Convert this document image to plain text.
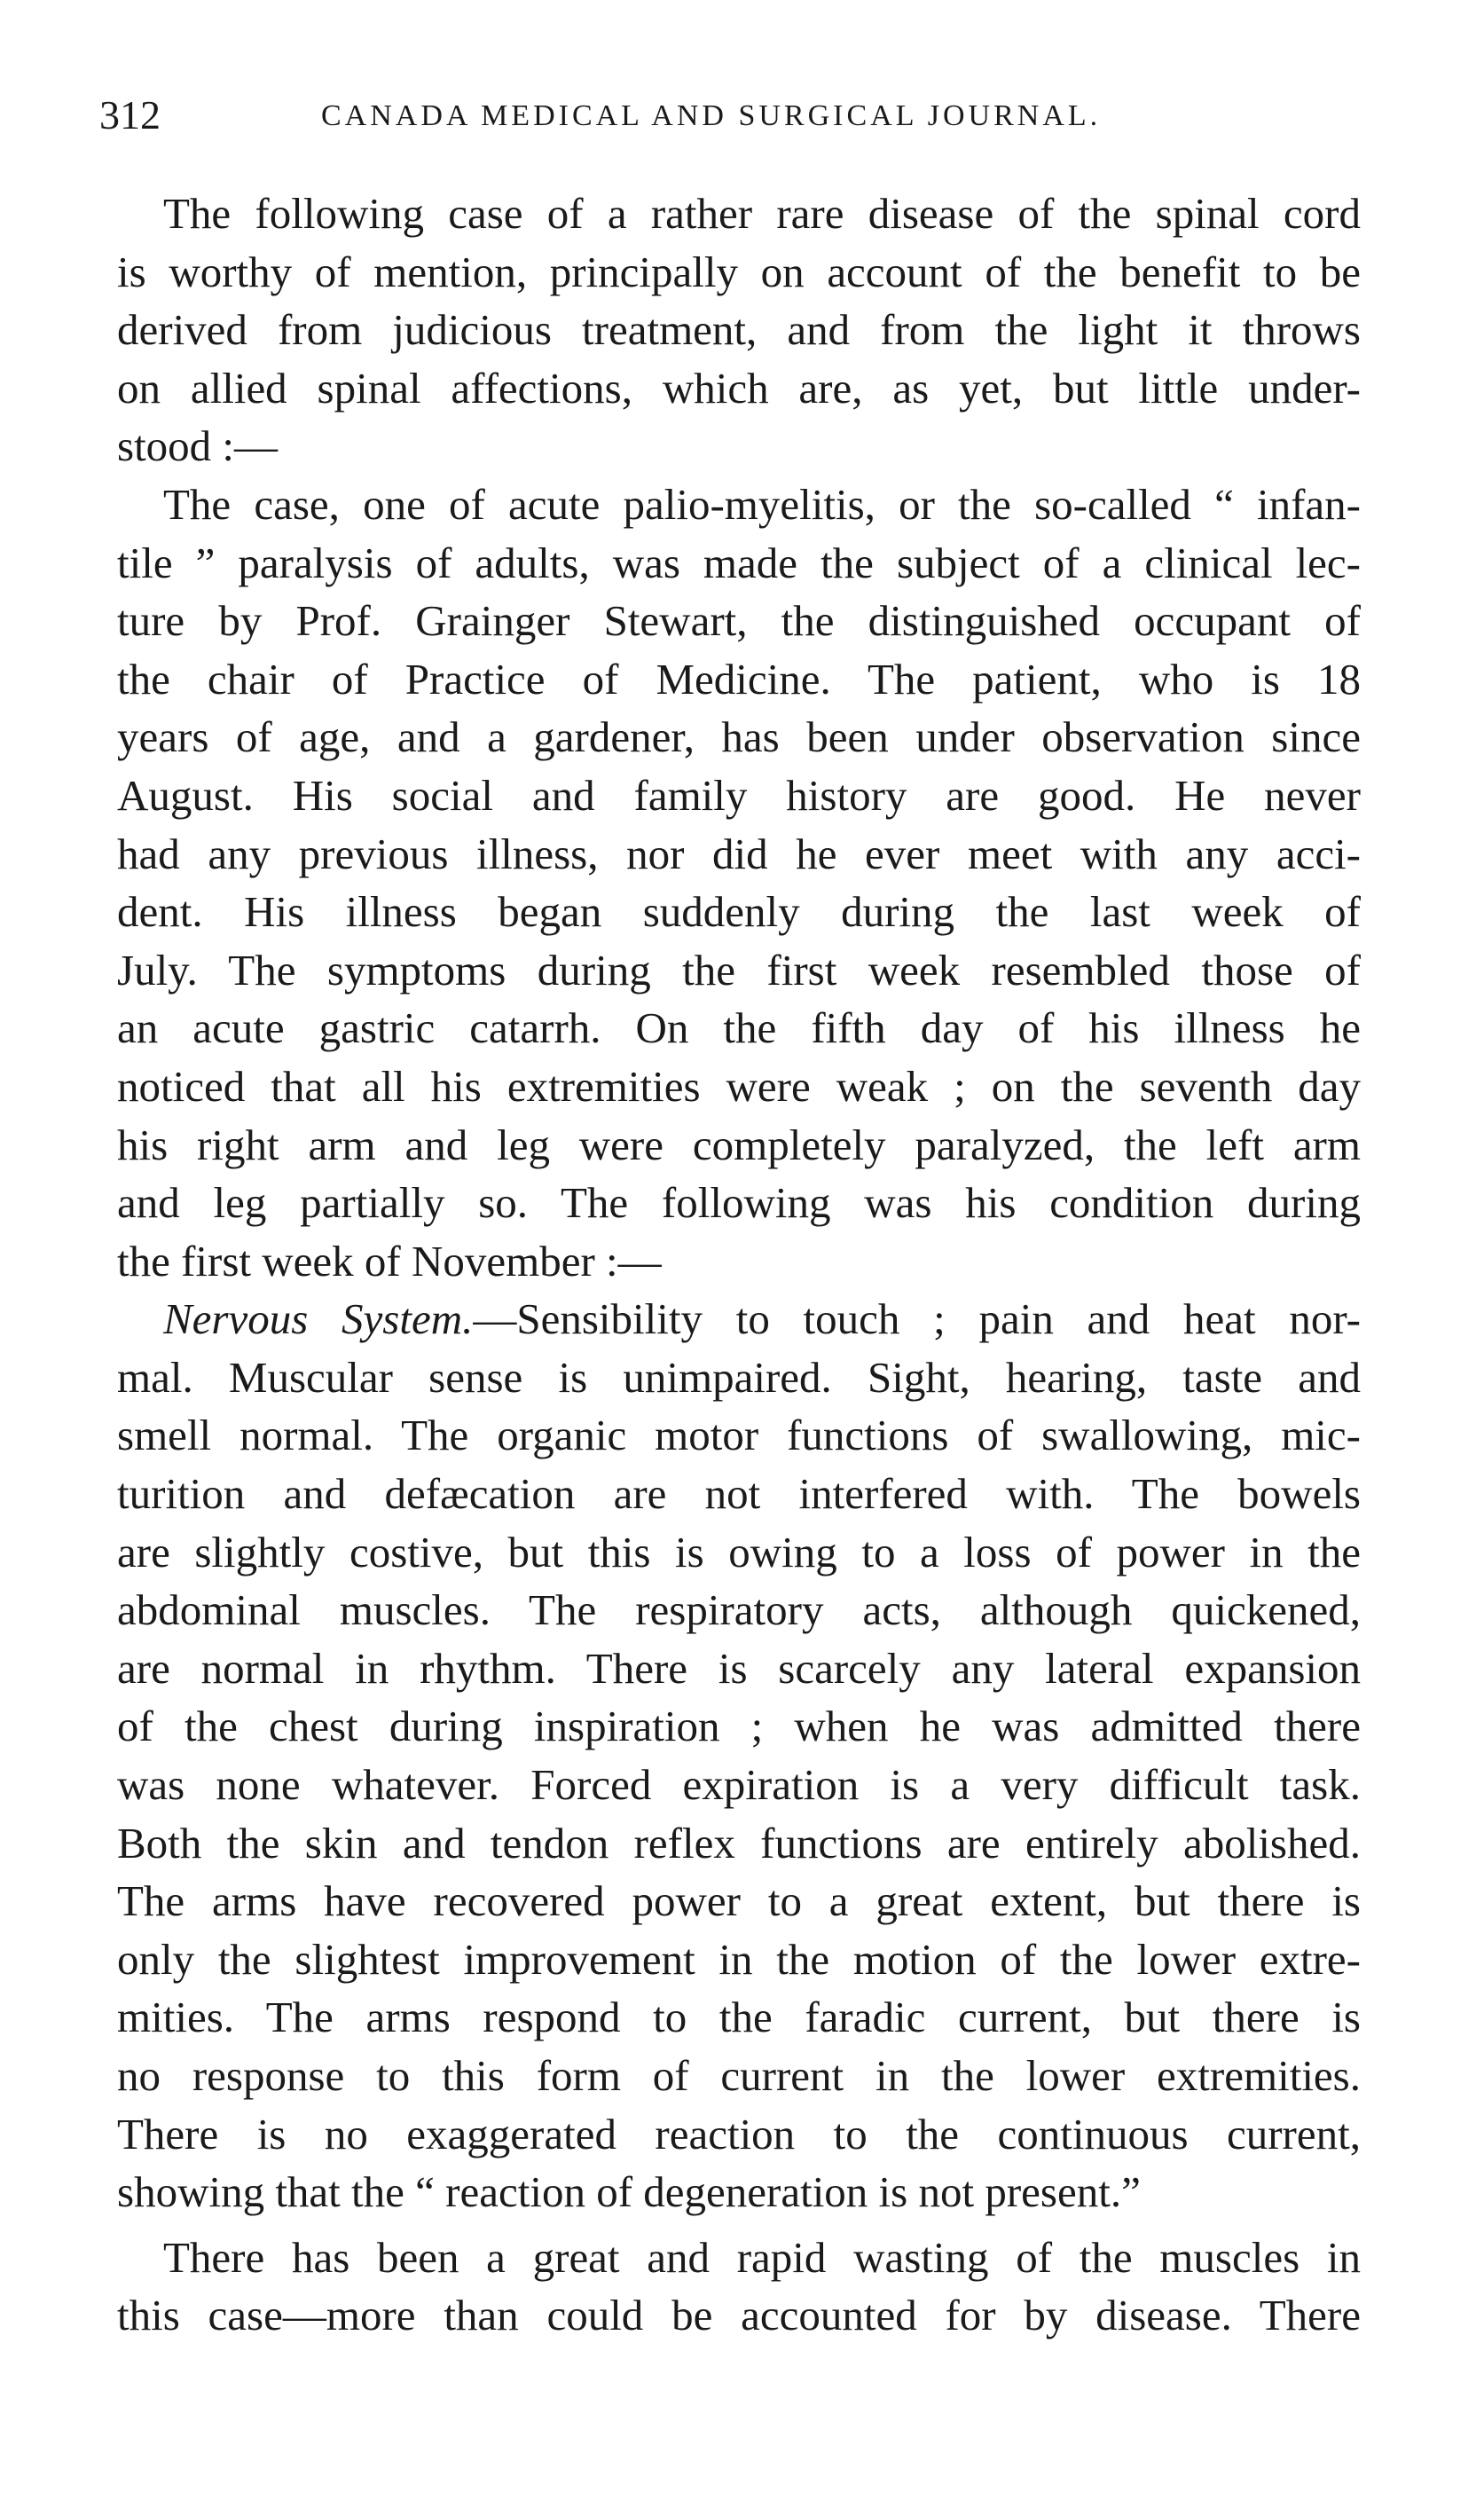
312	CANADA MEDICAL AND SURGICAL JOURNAL.
The following case of a rather rare disease of the spinal cord
is worthy of mention, principally on account of the benefit to be
derived from judicious treatment, and from the light it throws
on allied spinal affections, which are, as yet, but little under-
stood :—
The case, one of acute palio-myelitis, or the so-called “ infan-
tile ” paralysis of adults, was made the subject of a clinical lec-
ture by Prof. Grainger Stewart, the distinguished occupant of
the chair of Practice of Medicine. The patient, who is 18
years of age, and a gardener, has been under observation since
August. His social and family history are good. He never
had any previous illness, nor did he ever meet with any acci-
dent. His illness began suddenly during the last week of
July. The symptoms during the first week resembled those of
an acute gastric catarrh. On the fifth day of his illness he
noticed that all his extremities were weak ; on the seventh day
his right arm and leg were completely paralyzed, the left arm
and leg partially so. The following was his condition during
the first week of November :—
Nervous System.—Sensibility to touch ; pain and heat nor-
mal. Muscular sense is unimpaired. Sight, hearing, taste and
smell normal. The organic motor functions of swallowing, mic-
turition and defæcation are not interfered with. The bowels
are slightly costive, but this is owing to a loss of power in the
abdominal muscles. The respiratory acts, although quickened,
are normal in rhythm. There is scarcely any lateral expansion
of the chest during inspiration ; when he was admitted there
was none whatever. Forced expiration is a very difficult task.
Both the skin and tendon reflex functions are entirely abolished.
The arms have recovered power to a great extent, but there is
only the slightest improvement in the motion of the lower extre-
mities. The arms respond to the faradic current, but there is
no response to this form of current in the lower extremities.
There is no exaggerated reaction to the continuous current,
showing that the “ reaction of degeneration is not present.”
There has been a great and rapid wasting of the muscles in
this case—more than could be accounted for by disease. There
